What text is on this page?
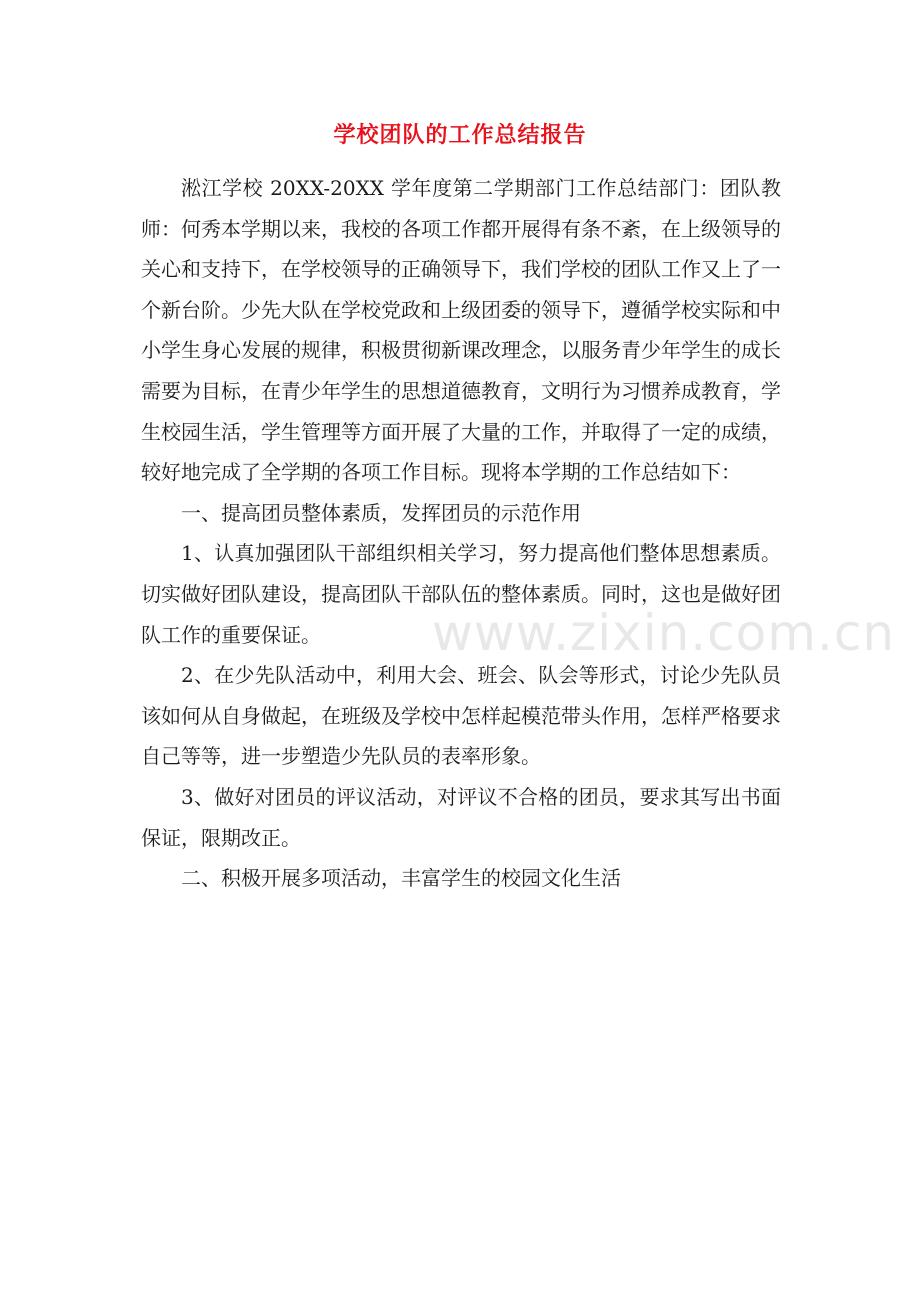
学校团队的工作总结报告

淞江学校 20XX-20XX 学年度第二学期部门工作总结部门：团队教师：何秀本学期以来，我校的各项工作都开展得有条不紊，在上级领导的关心和支持下，在学校领导的正确领导下，我们学校的团队工作又上了一个新台阶。少先大队在学校党政和上级团委的领导下，遵循学校实际和中小学生身心发展的规律，积极贯彻新课改理念，以服务青少年学生的成长需要为目标，在青少年学生的思想道德教育，文明行为习惯养成教育，学生校园生活，学生管理等方面开展了大量的工作，并取得了一定的成绩，较好地完成了全学期的各项工作目标。现将本学期的工作总结如下：

一、提高团员整体素质，发挥团员的示范作用

1、认真加强团队干部组织相关学习，努力提高他们整体思想素质。切实做好团队建设，提高团队干部队伍的整体素质。同时，这也是做好团队工作的重要保证。

2、在少先队活动中，利用大会、班会、队会等形式，讨论少先队员该如何从自身做起，在班级及学校中怎样起模范带头作用，怎样严格要求自己等等，进一步塑造少先队员的表率形象。

3、做好对团员的评议活动，对评议不合格的团员，要求其写出书面保证，限期改正。

二、积极开展多项活动，丰富学生的校园文化生活

www.zixin.com.cn
